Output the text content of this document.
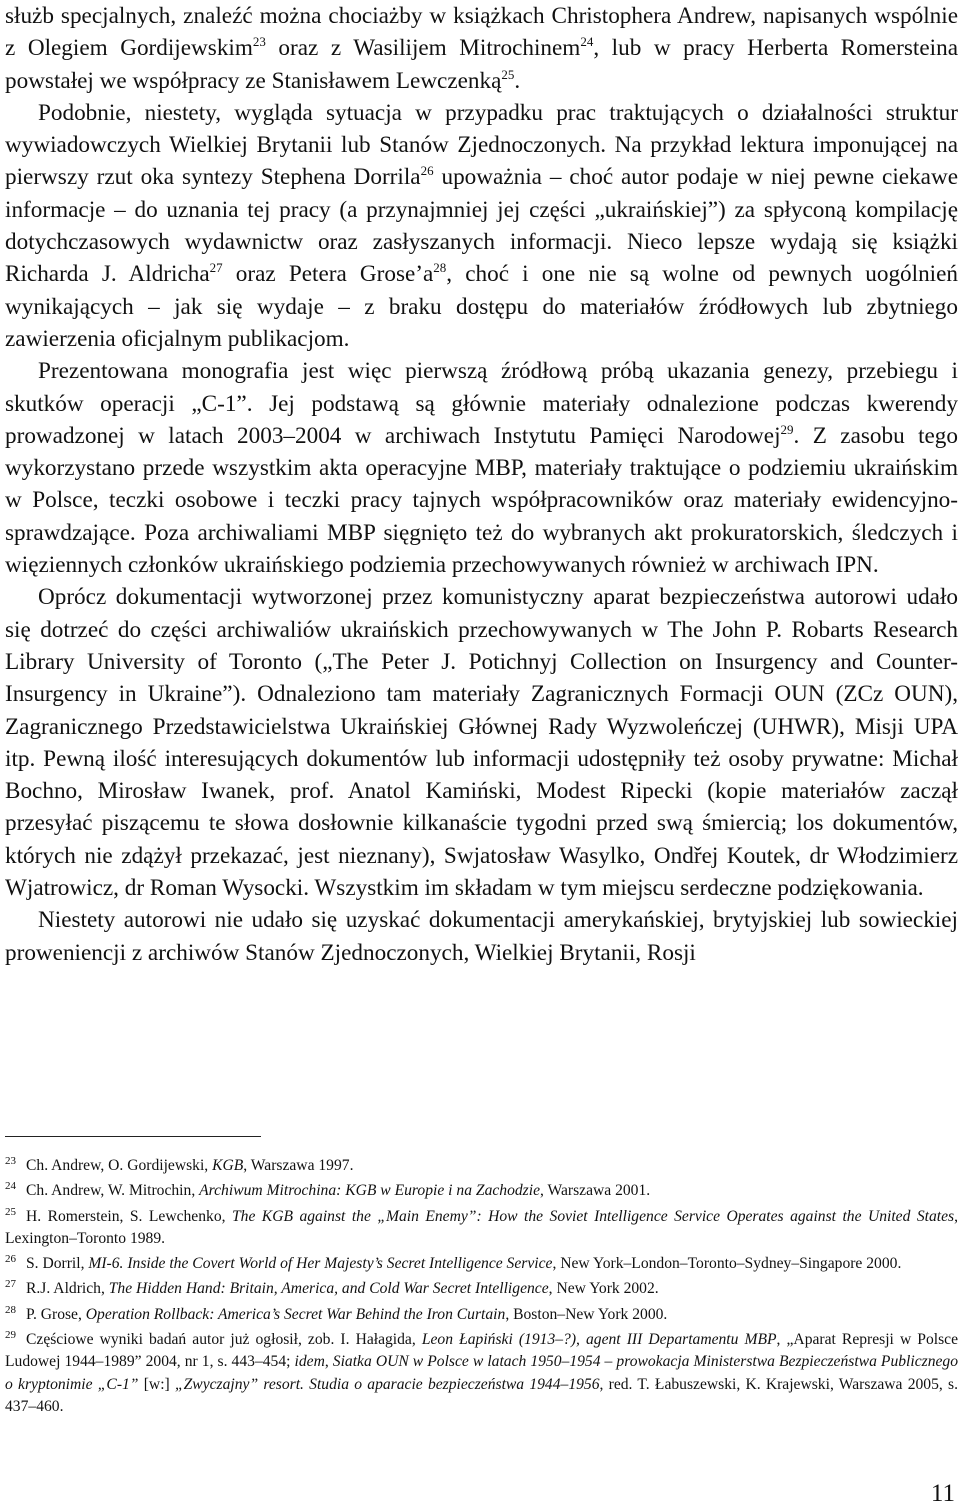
służb specjalnych, znaleźć można chociażby w książkach Christophera Andrew, napisanych wspólnie z Olegiem Gordijewskim$^{23}$ oraz z Wasilijem Mitrochinem$^{24}$, lub w pracy Herberta Romersteina powstałej we współpracy ze Stanisławem Lewczenką$^{25}$.

Podobnie, niestety, wygląda sytuacja w przypadku prac traktujących o działalności struktur wywiadowczych Wielkiej Brytanii lub Stanów Zjednoczonych. Na przykład lektura imponującej na pierwszy rzut oka syntezy Stephena Dorrila$^{26}$ upoważnia – choć autor podaje w niej pewne ciekawe informacje – do uznania tej pracy (a przynajmniej jej części „ukraińskiej”) za spłyconą kompilację dotychczasowych wydawnictw oraz zasłyszanych informacji. Nieco lepsze wydają się książki Richarda J. Aldricha$^{27}$ oraz Petera $Grose’a^{28}$, choć i one nie są wolne od pewnych uogólnień wynikających – jak się wydaje – z braku dostępu do materiałów źródłowych lub zbytniego zawierzenia oficjalnym publikacjom.

Prezentowana monografia jest więc pierwszą źródłową próbą ukazania genezy, przebiegu i skutków operacji „C-1”. Jej podstawą są głównie materiały odnalezione podczas kwerendy prowadzonej w latach 2003–2004 w archiwach Instytutu Pamięci Narodowej$^{29}$. Z zasobu tego wykorzystano przede wszystkim akta operacyjne MBP, materiały traktujące o podziemiu ukraińskim w Polsce, teczki osobowe i teczki pracy tajnych współpracowników oraz materiały ewidencyjno-sprawdzające. Poza archiwaliami MBP sięgnięto też do wybranych akt prokuratorskich, śledczych i więziennych członków ukraińskiego podziemia przechowywanych również w archiwach IPN.

Oprócz dokumentacji wytworzonej przez komunistyczny aparat bezpieczeństwa autorowi udało się dotrzeć do części archiwaliów ukraińskich przechowywanych w The John P. Robarts Research Library University of Toronto („The Peter J. Potichnyj Collection on Insurgency and Counter-Insurgency in Ukraine”). Odnaleziono tam materiały Zagranicznych Formacji OUN (ZCz OUN), Zagranicznego Przedstawicielstwa Ukraińskiej Głównej Rady Wyzwoleńczej (UHWR), Misji UPA itp. Pewną ilość interesujących dokumentów lub informacji udostępniły też osoby prywatne: Michał Bochno, Mirosław Iwanek, prof. Anatol Kamiński, Modest Ripecki (kopie materiałów zaczął przesyłać piszącemu te słowa dosłownie kilkanaście tygodni przed swą śmiercią; los dokumentów, których nie zdążył przekazać, jest nieznany), Swjatosław Wasylko, Ondřej Koutek, dr Włodzimierz Wjatrowicz, dr Roman Wysocki. Wszystkim im składam w tym miejscu serdeczne podziękowania.

Niestety autorowi nie udało się uzyskać dokumentacji amerykańskiej, brytyjskiej lub sowieckiej proweniencji z archiwów Stanów Zjednoczonych, Wielkiej Brytanii, Rosji

$^{23}$ Ch. Andrew, O. Gordijewski, KGB, Warszawa 1997.

$^{24}$ Ch. Andrew, W. Mitrochin, Archiwum Mitrochina: KGB w Europie i na Zachodzie, Warszawa 2001.

$^{25}$ H. Romerstein, S. Lewchenko, The KGB against the „Main Enemy”: How the Soviet Intelligence Service Operates against the United States, Lexington–Toronto 1989.

$^{26}$ S. Dorril, MI-6. Inside the Covert World of Her Majesty’s Secret Intelligence Service, New York–London–Toronto–Sydney–Singapore 2000.

$^{27}$ R.J. Aldrich, The Hidden Hand: Britain, America, and Cold War Secret Intelligence, New York 2002.

$^{28}$ P. Grose, Operation Rollback: America’s Secret War Behind the Iron Curtain, Boston–New York 2000.

$^{29}$ Częściowe wyniki badań autor już ogłosił, zob. I. Hałagida, Leon Łapiński (1913–?), agent III Departamentu MBP, „Aparat Represji w Polsce Ludowej 1944–1989” 2004, nr 1, s. 443–454; idem, Siatka OUN w Polsce w latach 1950–1954 – prowokacja Ministerstwa Bezpieczeństwa Publicznego o kryptonimie „C-1” [w:] „Zwyczajny” resort. Studia o aparacie bezpieczeństwa 1944–1956, red. T. Łabuszewski, K. Krajewski, Warszawa 2005, s. 437–460.

11
